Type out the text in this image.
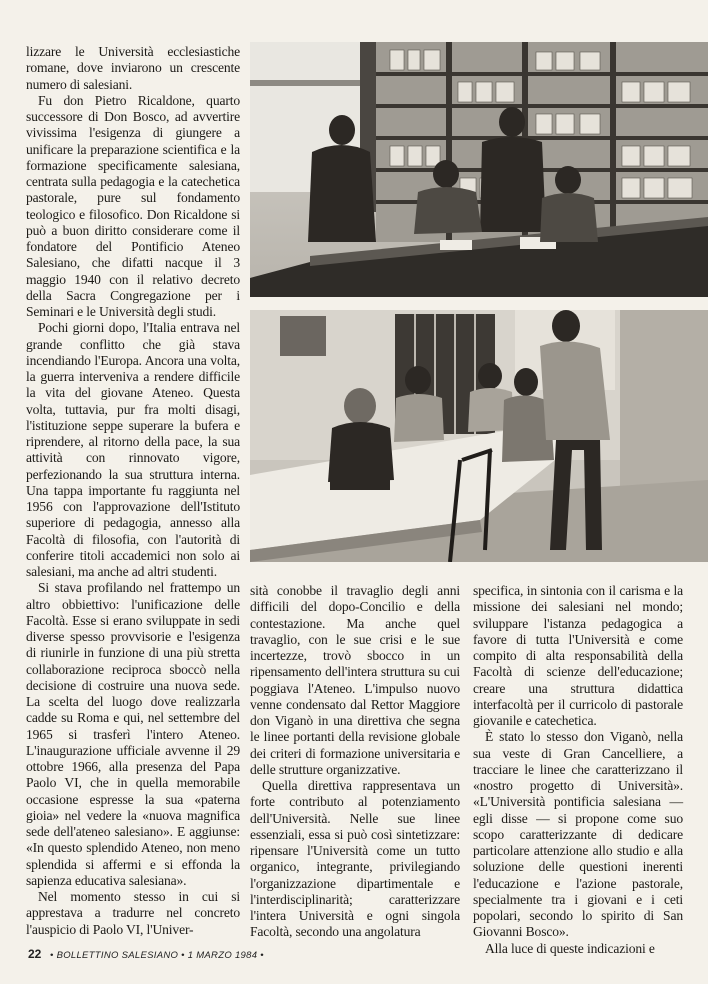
lizzare le Università ecclesiastiche romane, dove inviarono un crescente numero di salesiani.

Fu don Pietro Ricaldone, quarto successore di Don Bosco, ad avvertire vivissima l'esigenza di giungere a unificare la preparazione scientifica e la formazione specificamente salesiana, centrata sulla pedagogia e la catechetica pastorale, pure sul fondamento teologico e filosofico. Don Ricaldone si può a buon diritto considerare come il fondatore del Pontificio Ateneo Salesiano, che difatti nacque il 3 maggio 1940 con il relativo decreto della Sacra Congregazione per i Seminari e le Università degli studi.

Pochi giorni dopo, l'Italia entrava nel grande conflitto che già stava incendiando l'Europa. Ancora una volta, la guerra interveniva a rendere difficile la vita del giovane Ateneo. Questa volta, tuttavia, pur fra molti disagi, l'istituzione seppe superare la bufera e riprendere, al ritorno della pace, la sua attività con rinnovato vigore, perfezionando la sua struttura interna. Una tappa importante fu raggiunta nel 1956 con l'approvazione dell'Istituto superiore di pedagogia, annesso alla Facoltà di filosofia, con l'autorità di conferire titoli accademici non solo ai salesiani, ma anche ad altri studenti.

Si stava profilando nel frattempo un altro obbiettivo: l'unificazione delle Facoltà. Esse si erano sviluppate in sedi diverse spesso provvisorie e l'esigenza di riunirle in funzione di una più stretta collaborazione reciproca sboccò nella decisione di costruire una nuova sede. La scelta del luogo dove realizzarla cadde su Roma e qui, nel settembre del 1965 si trasferì l'intero Ateneo. L'inaugurazione ufficiale avvenne il 29 ottobre 1966, alla presenza del Papa Paolo VI, che in quella memorabile occasione espresse la sua «paterna gioia» nel vedere la «nuova magnifica sede dell'ateneo salesiano». E aggiunse: «In questo splendido Ateneo, non meno splendida si affermi e si effonda la sapienza educativa salesiana».

Nel momento stesso in cui si apprestava a tradurre nel concreto l'auspicio di Paolo VI, l'Univer-

sità conobbe il travaglio degli anni difficili del dopo-Concilio e della contestazione. Ma anche quel travaglio, con le sue crisi e le sue incertezze, trovò sbocco in un ripensamento dell'intera struttura su cui poggiava l'Ateneo. L'impulso nuovo venne condensato dal Rettor Maggiore don Viganò in una direttiva che segna le linee portanti della revisione globale dei criteri di formazione universitaria e delle strutture organizzative.

Quella direttiva rappresentava un forte contributo al potenziamento dell'Università. Nelle sue linee essenziali, essa si può così sintetizzare: ripensare l'Università come un tutto organico, integrante, privilegiando l'organizzazione dipartimentale e l'interdisciplinarità; caratterizzare l'intera Università e ogni singola Facoltà, secondo una angolatura

specifica, in sintonia con il carisma e la missione dei salesiani nel mondo; sviluppare l'istanza pedagogica a favore di tutta l'Università e come compito di alta responsabilità della Facoltà di scienze dell'educazione; creare una struttura didattica interfacoltà per il curricolo di pastorale giovanile e catechetica.

È stato lo stesso don Viganò, nella sua veste di Gran Cancelliere, a tracciare le linee che caratterizzano il «nostro progetto di Università». «L'Università pontificia salesiana — egli disse — si propone come suo scopo caratterizzante di dedicare particolare attenzione allo studio e alla soluzione delle questioni inerenti l'educazione e l'azione pastorale, specialmente tra i giovani e i ceti popolari, secondo lo spirito di San Giovanni Bosco».

Alla luce di queste indicazioni e

22 • BOLLETTINO SALESIANO • 1 MARZO 1984 •
